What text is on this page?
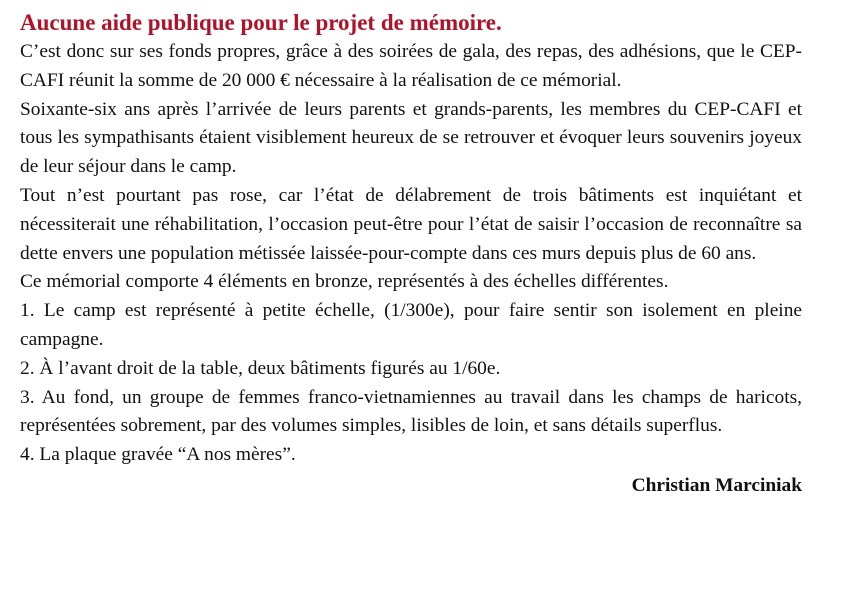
Aucune aide publique pour le projet de mémoire.

C’est donc sur ses fonds propres, grâce à des soirées de gala, des repas, des adhésions, que le CEP-CAFI réunit la somme de 20 000 € nécessaire à la réalisation de ce mémorial.

Soixante-six ans après l’arrivée de leurs parents et grands-parents, les membres du CEP-CAFI et tous les sympathisants étaient visiblement heureux de se retrouver et évoquer leurs souvenirs joyeux de leur séjour dans le camp.

Tout n’est pourtant pas rose, car l’état de délabrement de trois bâtiments est inquiétant et nécessiterait une réhabilitation, l’occasion peut-être pour l’état de saisir l’occasion de reconnaître sa dette envers une population métissée laissée-pour-compte dans ces murs depuis plus de 60 ans.

Ce mémorial comporte 4 éléments en bronze, représentés à des échelles différentes.

1. Le camp est représenté à petite échelle, (1/300e), pour faire sentir son isolement en pleine campagne.

2. À l’avant droit de la table, deux bâtiments figurés au 1/60e.

3. Au fond, un groupe de femmes franco-vietnamiennes au travail dans les champs de haricots, représentées sobrement, par des volumes simples, lisibles de loin, et sans détails superflus.

4. La plaque gravée “A nos mères”.

Christian Marciniak
